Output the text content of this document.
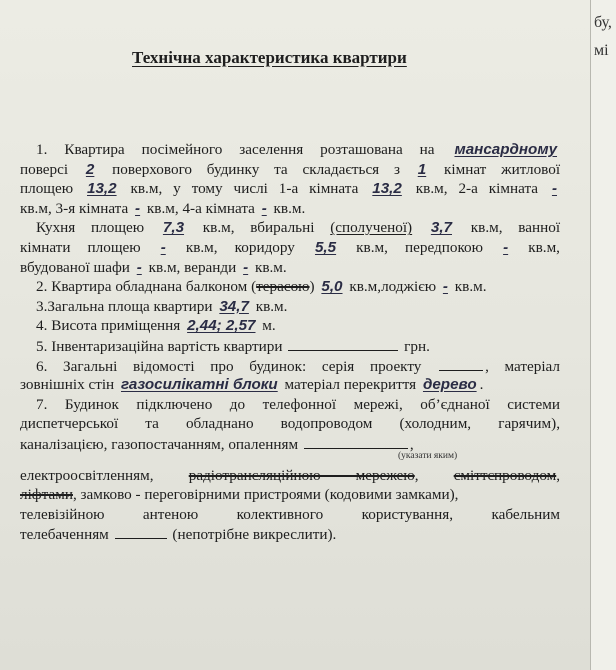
Технічна характеристика квартири
1. Квартира посімейного заселення розташована на мансардному
поверсі 2 поверхового будинку та складається з 1 кімнат житлової
площею 13,2 кв.м, у тому числі 1-а кімната 13,2 кв.м, 2-а кімната -
кв.м, 3-я кімната - кв.м, 4-а кімната - кв.м.
Кухня площею 7,3 кв.м, вбиральні (сполученої) 3,7 кв.м, ванної
кімнати площею - кв.м, коридору 5,5 кв.м, передпокою - кв.м,
вбудованої шафи - кв.м, веранди - кв.м.
2. Квартира обладнана балконом (терасою) 5,0 кв.м,лоджією - кв.м.
3.Загальна площа квартири 34,7 кв.м.
4. Висота приміщення 2,44; 2,57 м.
5. Інвентаризаційна вартість квартири	грн.
6. Загальні відомості про будинок: серія проекту	, матеріал
зовнішніх стін газосилікатні блоки матеріал перекриття дерево .
7. Будинок підключено до телефонної мережі, об’єднаної системи
диспетчерської та обладнано водопроводом (холодним, гарячим),
каналізацією, газопостачанням, опаленням	,
(указати яким)
електроосвітленням, радіотрансляційною мережею, сміттєпроводом,
ліфтами, замково - переговірними пристроями (кодовими замками),
телевізійною антеною колективного користування, кабельним
телебаченням	(непотрібне викреслити).
бу,
мі
